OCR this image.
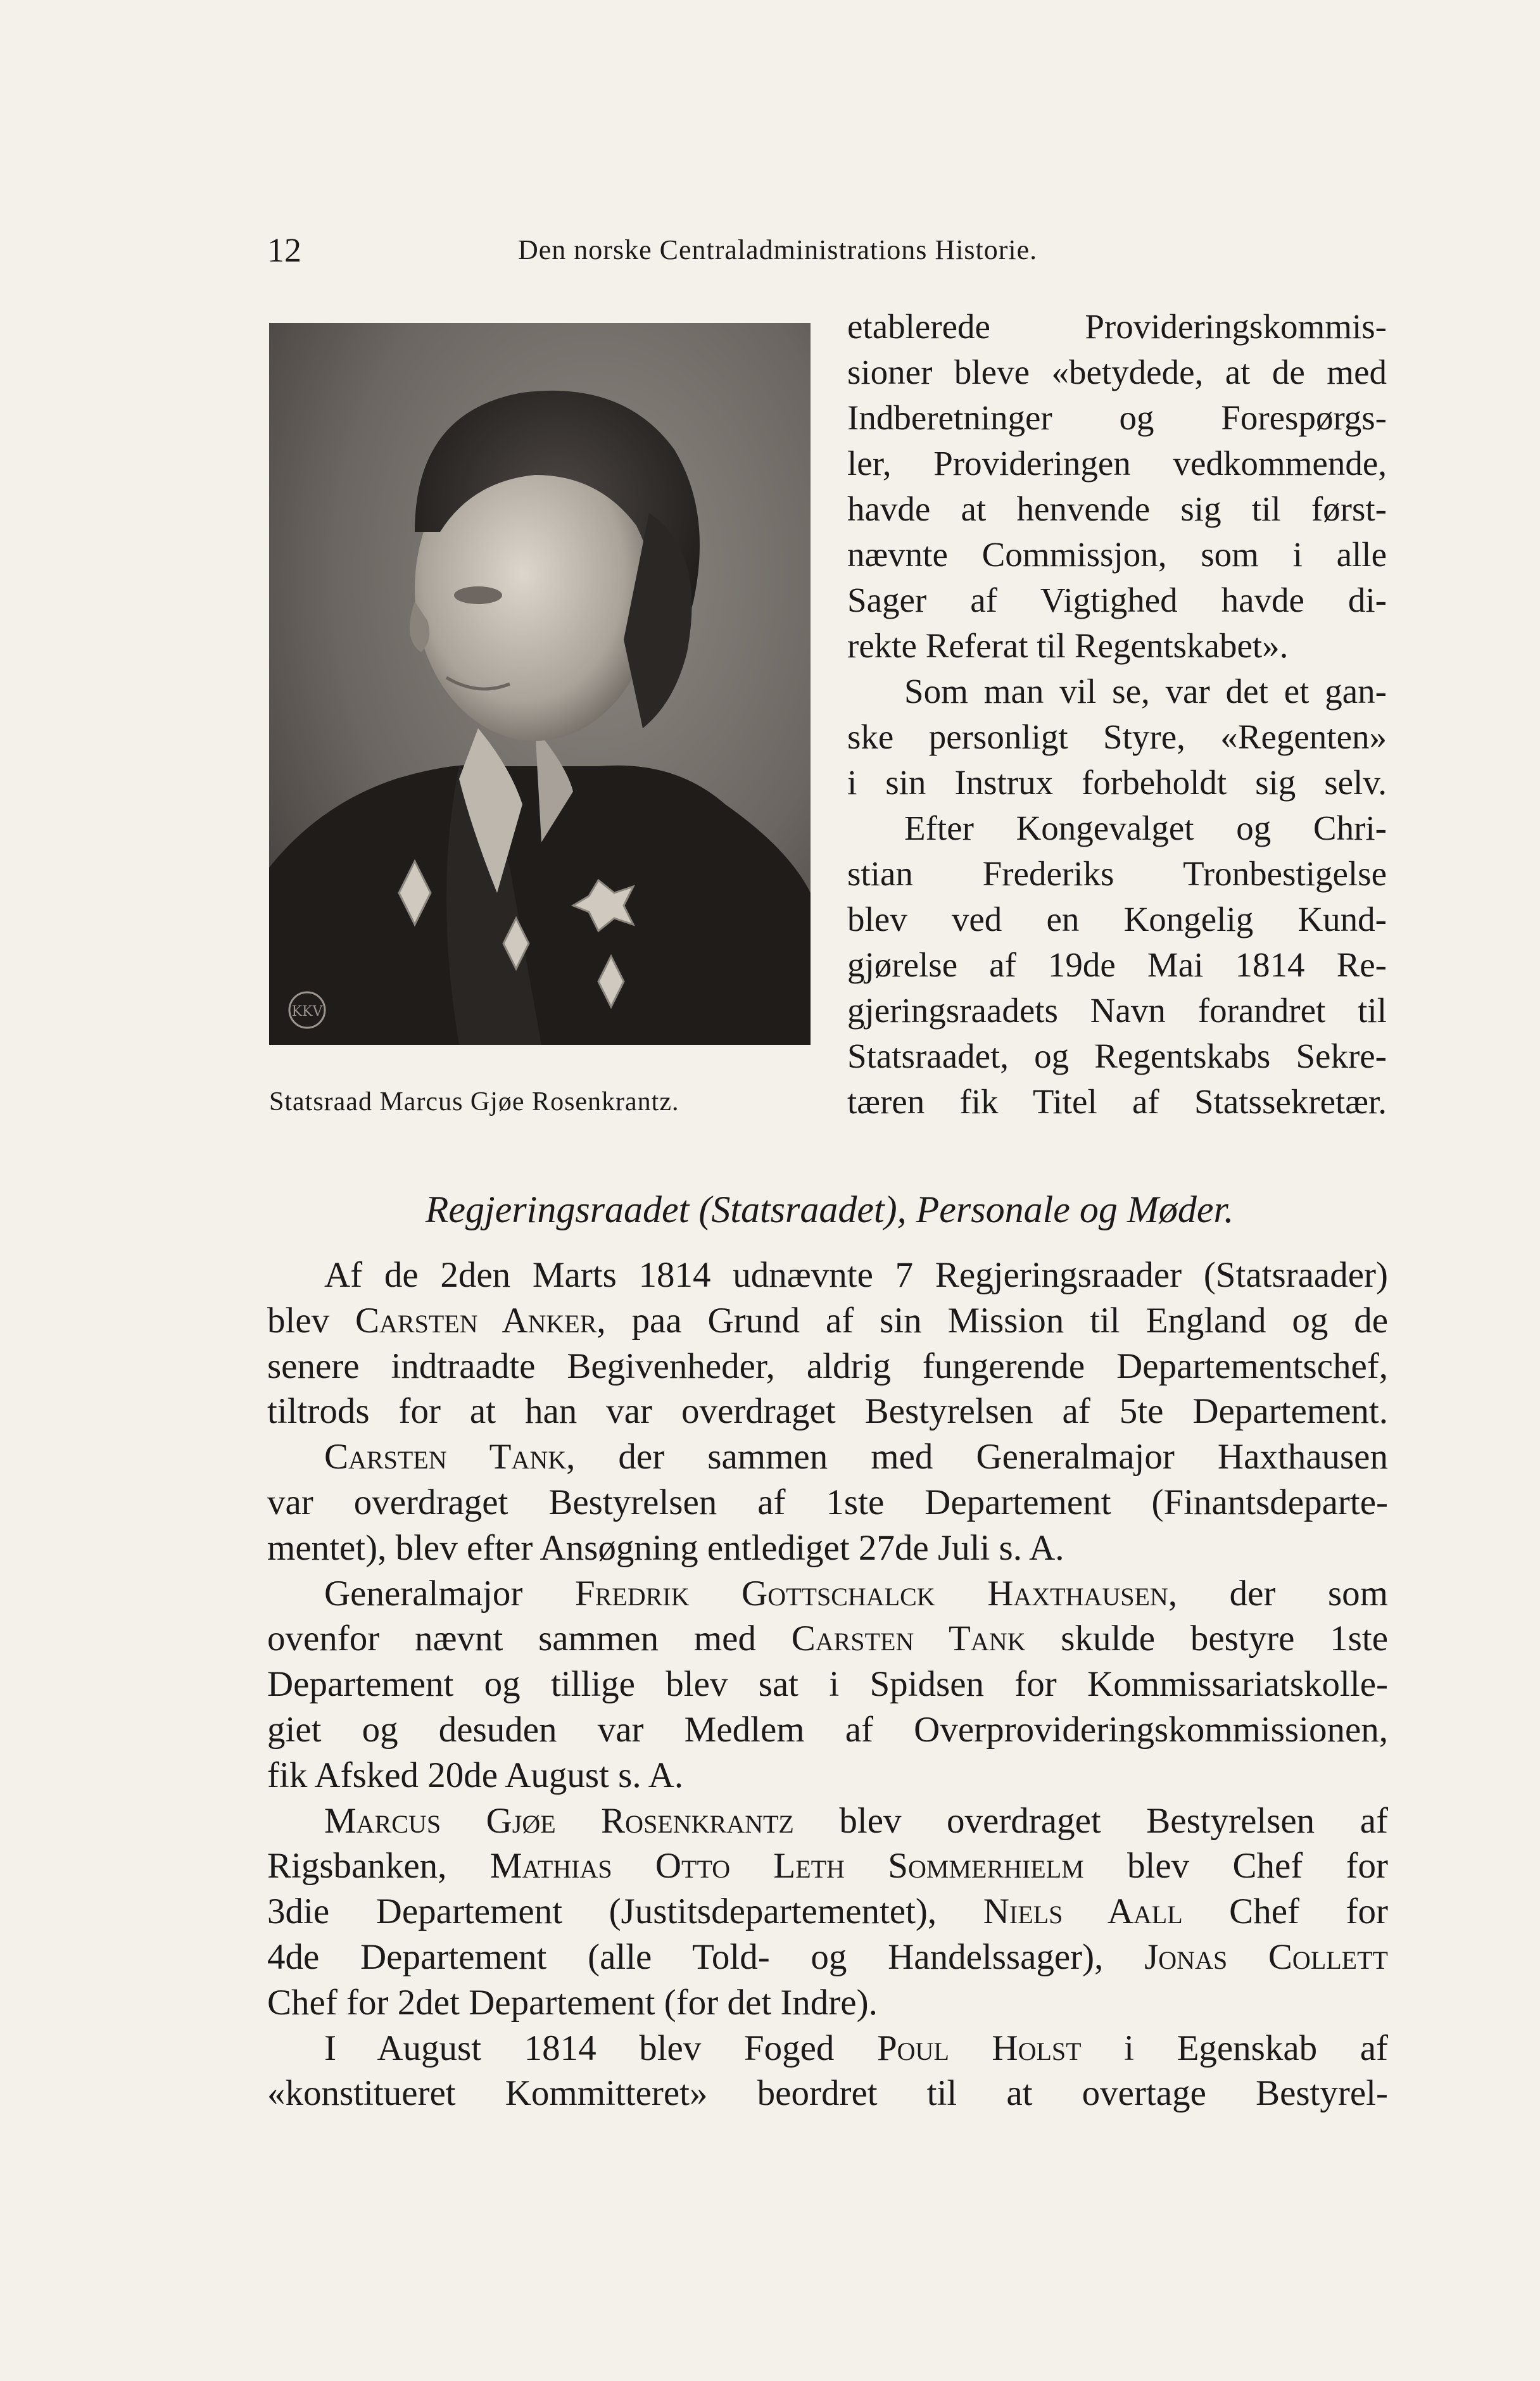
12	Den norske Centraladministrations Historie.
KKV
Statsraad Marcus Gjøe Rosenkrantz.
etablerede Provideringskommis-
sioner bleve «betydede, at de med
Indberetninger og Forespørgs-
ler, Provideringen vedkommende,
havde at henvende sig til først-
nævnte Commissjon, som i alle
Sager af Vigtighed havde di-
rekte Referat til Regentskabet».
Som man vil se, var det et gan-
ske personligt Styre, «Regenten»
i sin Instrux forbeholdt sig selv.
Efter Kongevalget og Chri-
stian Frederiks Tronbestigelse
blev ved en Kongelig Kund-
gjørelse af 19de Mai 1814 Re-
gjeringsraadets Navn forandret til
Statsraadet, og Regentskabs Sekre-
tæren fik Titel af Statssekretær.
Regjeringsraadet (Statsraadet), Personale og Møder.
Af de 2den Marts 1814 udnævnte 7 Regjeringsraader (Statsraader)
blev Carsten Anker, paa Grund af sin Mission til England og de
senere indtraadte Begivenheder, aldrig fungerende Departementschef,
tiltrods for at han var overdraget Bestyrelsen af 5te Departement.
Carsten Tank, der sammen med Generalmajor Haxthausen
var overdraget Bestyrelsen af 1ste Departement (Finantsdeparte-
mentet), blev efter Ansøgning entlediget 27de Juli s. A.
Generalmajor Fredrik Gottschalck Haxthausen, der som
ovenfor nævnt sammen med Carsten Tank skulde bestyre 1ste
Departement og tillige blev sat i Spidsen for Kommissariatskolle-
giet og desuden var Medlem af Overprovideringskommissionen,
fik Afsked 20de August s. A.
Marcus Gjøe Rosenkrantz blev overdraget Bestyrelsen af
Rigsbanken, Mathias Otto Leth Sommerhielm blev Chef for
3die Departement (Justitsdepartementet), Niels Aall Chef for
4de Departement (alle Told- og Handelssager), Jonas Collett
Chef for 2det Departement (for det Indre).
I August 1814 blev Foged Poul Holst i Egenskab af
«konstitueret Kommitteret» beordret til at overtage Bestyrel-
